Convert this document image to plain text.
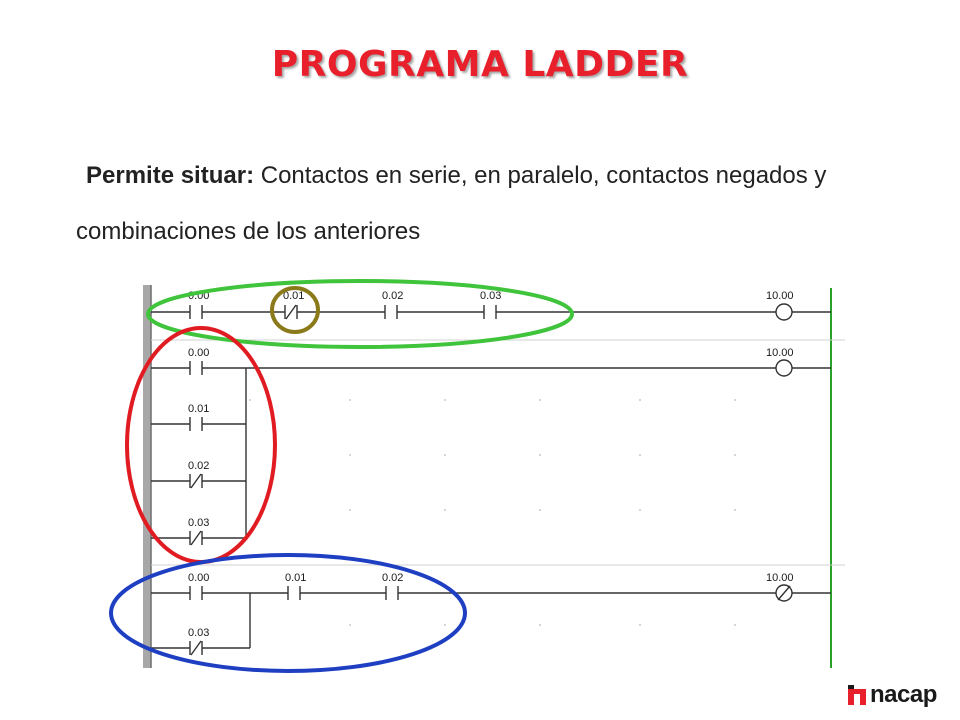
PROGRAMA LADDER
Permite situar: Contactos en serie, en paralelo, contactos negados y combinaciones de los anteriores
0.00	0.01	0.02	0.03	10.00
0.00
0.01
0.02
0.03
10.00
0.00	0.01	0.02
0.03
10.00
nacap
